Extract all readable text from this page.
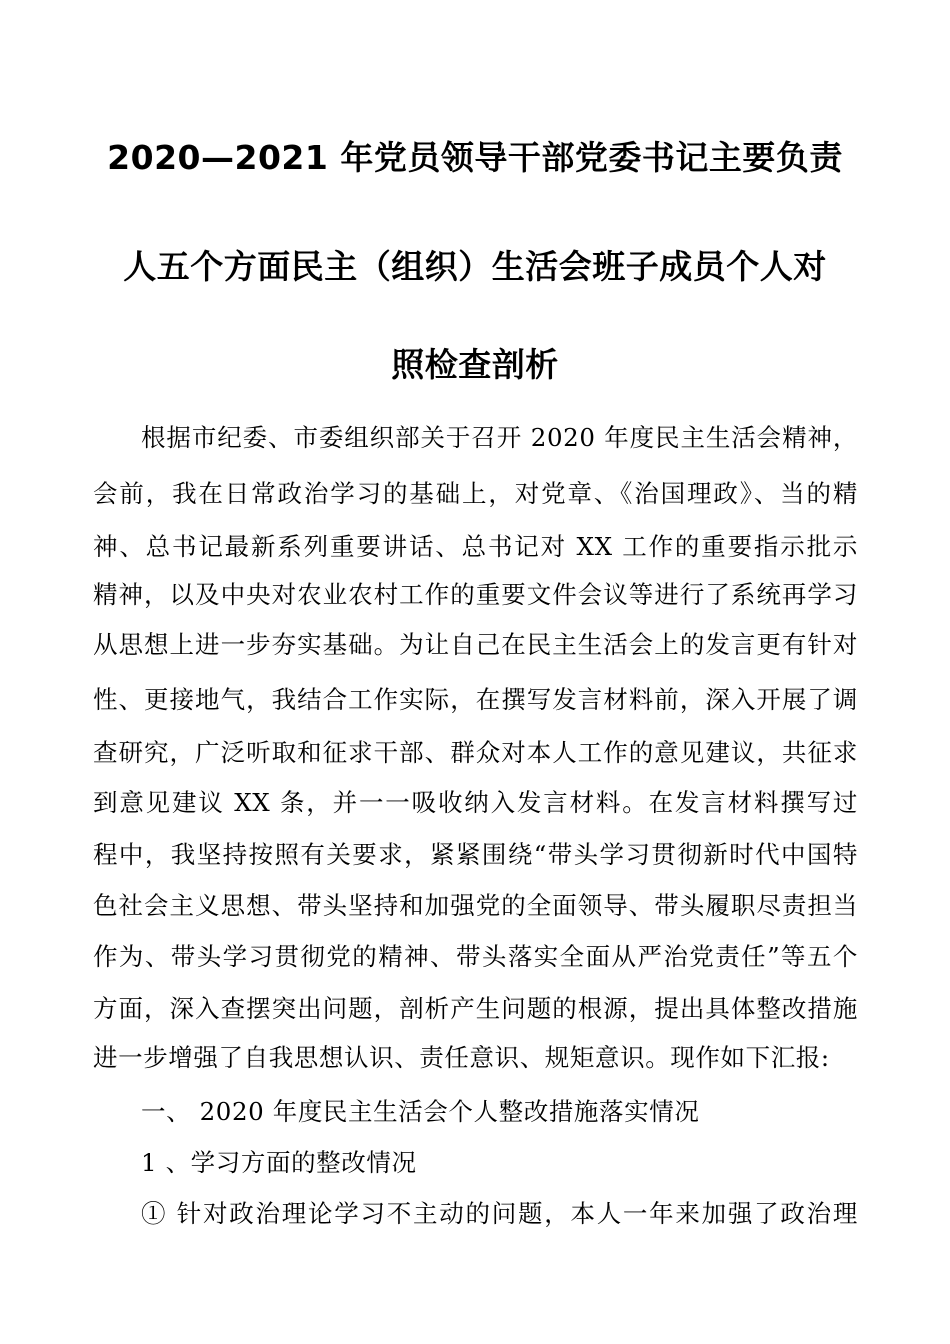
2020—2021 年党员领导干部党委书记主要负责
人五个方面民主（组织）生活会班子成员个人对
照检查剖析
根据市纪委、市委组织部关于召开 2020 年度民主生活会精神，
会前，我在日常政治学习的基础上，对党章、《治国理政》、当的精
神、总书记最新系列重要讲话、总书记对 XX 工作的重要指示批示
精神，以及中央对农业农村工作的重要文件会议等进行了系统再学习
从思想上进一步夯实基础。为让自己在民主生活会上的发言更有针对
性、更接地气，我结合工作实际，在撰写发言材料前，深入开展了调
查研究，广泛听取和征求干部、群众对本人工作的意见建议，共征求
到意见建议 XX 条，并一一吸收纳入发言材料。在发言材料撰写过
程中，我坚持按照有关要求，紧紧围绕“带头学习贯彻新时代中国特
色社会主义思想、带头坚持和加强党的全面领导、带头履职尽责担当
作为、带头学习贯彻党的精神、带头落实全面从严治党责任”等五个
方面，深入查摆突出问题，剖析产生问题的根源，提出具体整改措施
进一步增强了自我思想认识、责任意识、规矩意识。现作如下汇报:
一、 2020 年度民主生活会个人整改措施落实情况
1 、学习方面的整改情况
① 针对政治理论学习不主动的问题，本人一年来加强了政治理
